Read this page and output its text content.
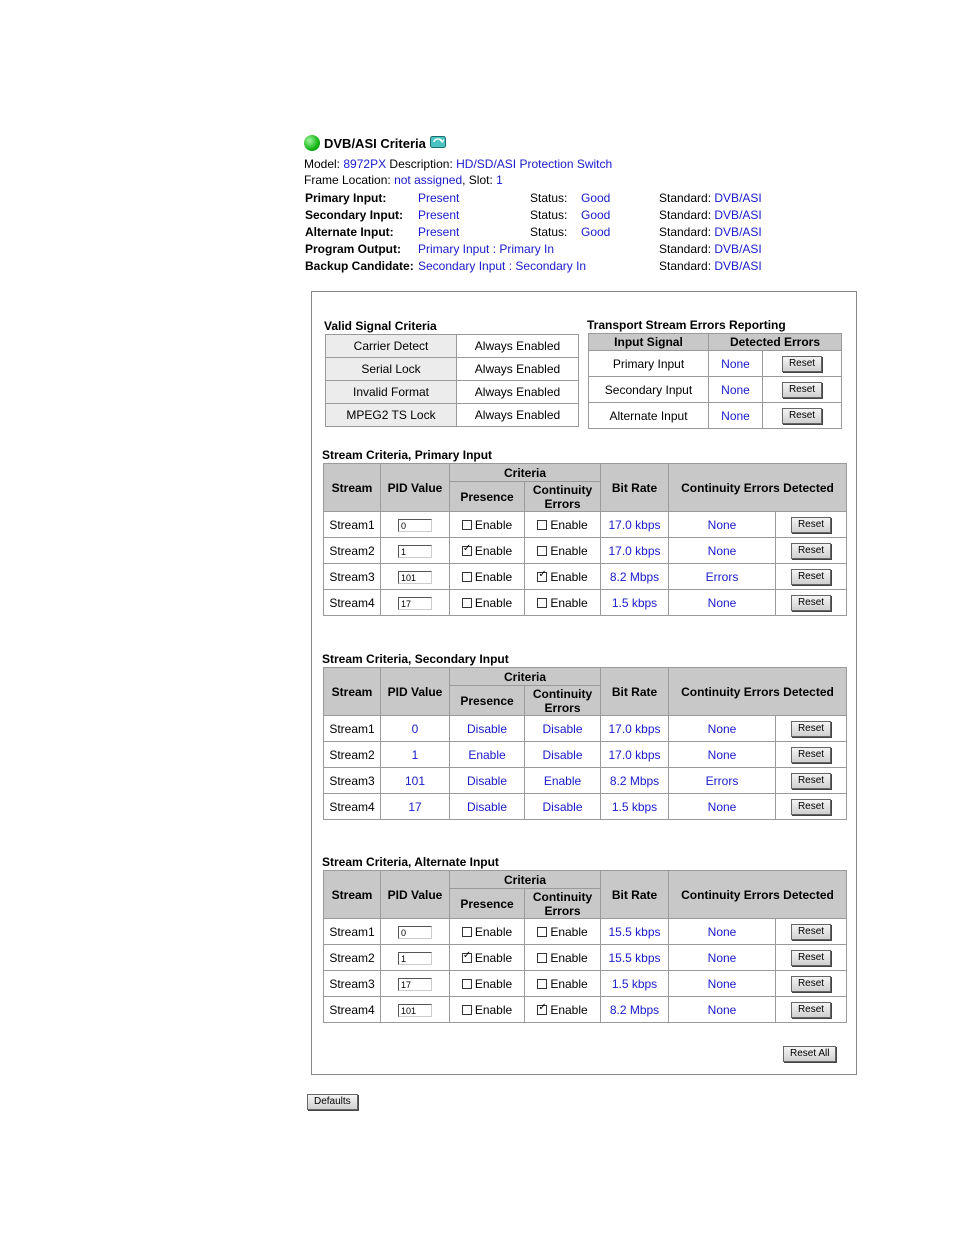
DVB/ASI Criteria
Model: 8972PX Description: HD/SD/ASI Protection Switch
Frame Location: not assigned, Slot: 1
Primary Input:	Present	Status: Good	Standard: DVB/ASI
Secondary Input: Present	Status: Good	Standard: DVB/ASI
Alternate Input: Present	Status: Good	Standard: DVB/ASI
Program Output: Primary Input : Primary In	Standard: DVB/ASI
Backup Candidate: Secondary Input : Secondary In	Standard: DVB/ASI
Valid Signal Criteria
Carrier Detect	Always Enabled
Serial Lock	Always Enabled
Invalid Format	Always Enabled
MPEG2 TS Lock	Always Enabled
Transport Stream Errors Reporting
Input Signal	Detected Errors	
Primary Input	None	Reset
Secondary Input	None	Reset
Alternate Input	None	Reset
Stream Criteria, Primary Input
Stream	PID Value	Criteria		Bit Rate	Continuity Errors Detected	
		Presence	Continuity Errors			
Stream1	0	Enable	Enable	17.0 kbps	None	Reset
Stream2	1	✓Enable	Enable	17.0 kbps	None	Reset
Stream3	101	Enable	✓Enable	8.2 Mbps	Errors	Reset
Stream4	17	Enable	Enable	1.5 kbps	None	Reset
Stream Criteria, Secondary Input
Stream	PID Value	Criteria		Bit Rate	Continuity Errors Detected	
		Presence	Continuity Errors			
Stream1	0	Disable	Disable	17.0 kbps	None	Reset
Stream2	1	Enable	Disable	17.0 kbps	None	Reset
Stream3	101	Disable	Enable	8.2 Mbps	Errors	Reset
Stream4	17	Disable	Disable	1.5 kbps	None	Reset
Stream Criteria, Alternate Input
Stream	PID Value	Criteria		Bit Rate	Continuity Errors Detected	
		Presence	Continuity Errors			
Stream1	0	Enable	Enable	15.5 kbps	None	Reset
Stream2	1	✓Enable	Enable	15.5 kbps	None	Reset
Stream3	17	Enable	Enable	1.5 kbps	None	Reset
Stream4	101	Enable	✓Enable	8.2 Mbps	None	Reset
Reset All
Defaults
